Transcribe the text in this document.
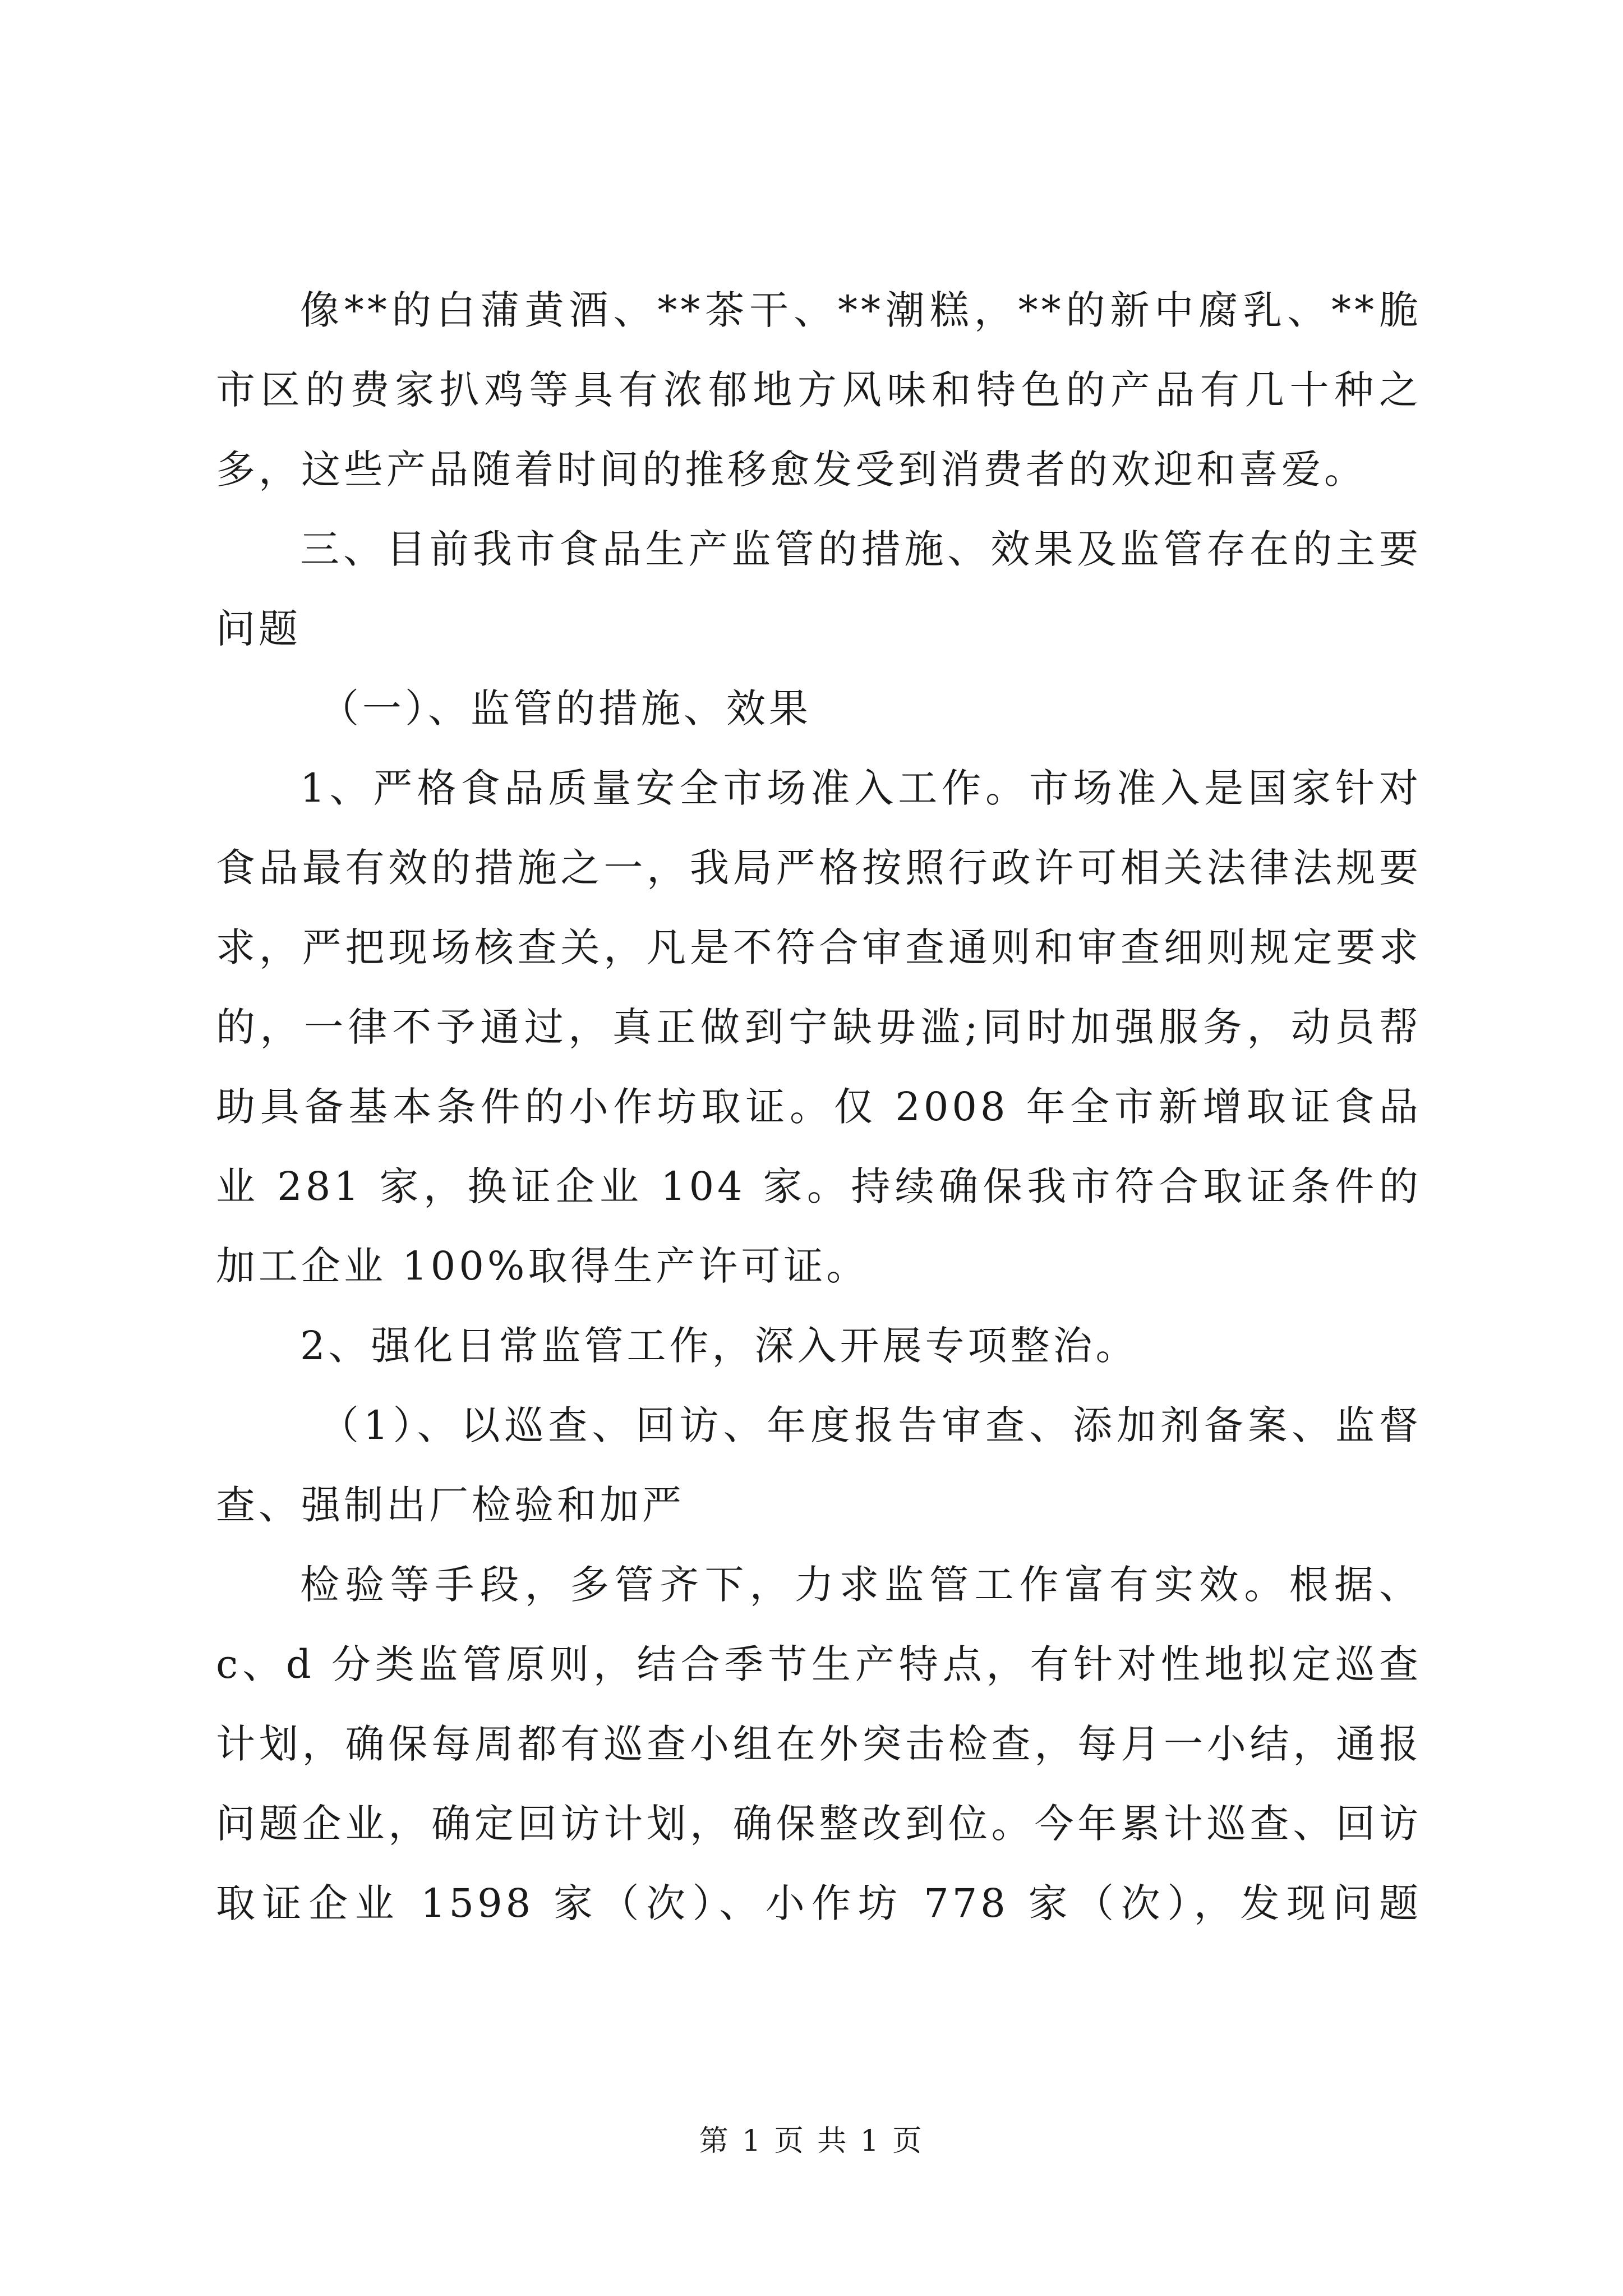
像**的白蒲黄酒、**茶干、**潮糕，**的新中腐乳、**脆
市区的费家扒鸡等具有浓郁地方风味和特色的产品有几十种之
多，这些产品随着时间的推移愈发受到消费者的欢迎和喜爱。
三、目前我市食品生产监管的措施、效果及监管存在的主要
问题
（一）、监管的措施、效果
1、严格食品质量安全市场准入工作。市场准入是国家针对
食品最有效的措施之一，我局严格按照行政许可相关法律法规要
求，严把现场核查关，凡是不符合审查通则和审查细则规定要求
的，一律不予通过，真正做到宁缺毋滥;同时加强服务，动员帮
助具备基本条件的小作坊取证。仅 2008 年全市新增取证食品
业 281 家，换证企业 104 家。持续确保我市符合取证条件的
加工企业 100%取得生产许可证。
2、强化日常监管工作，深入开展专项整治。
（1）、以巡查、回访、年度报告审查、添加剂备案、监督
查、强制出厂检验和加严
检验等手段，多管齐下，力求监管工作富有实效。根据、
c、d 分类监管原则，结合季节生产特点，有针对性地拟定巡查
计划，确保每周都有巡查小组在外突击检查，每月一小结，通报
问题企业，确定回访计划，确保整改到位。今年累计巡查、回访
取证企业 1598 家（次）、小作坊 778 家（次），发现问题
第 1 页 共 1 页
